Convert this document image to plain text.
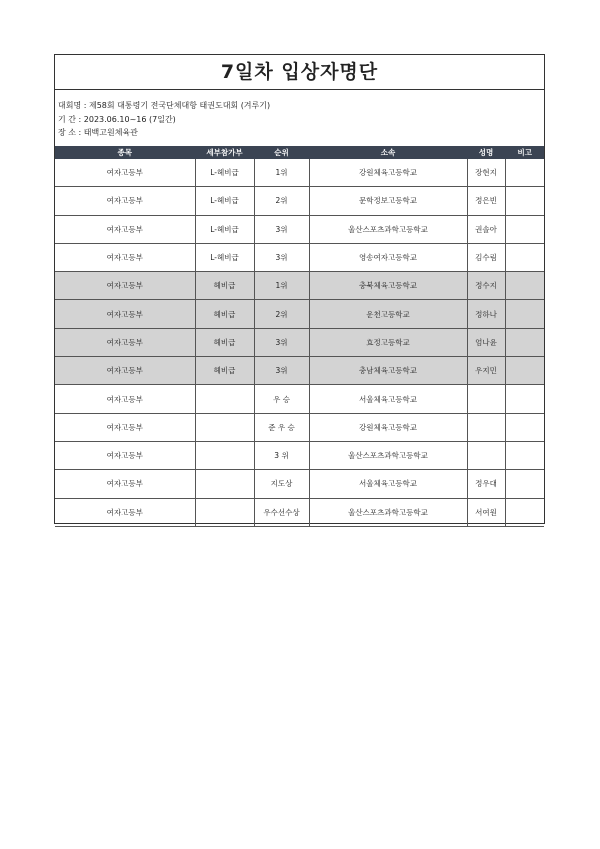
7일차 입상자명단
대회명 : 제58회 대통령기 전국단체대항 태권도대회 (겨루기)
기 간 : 2023.06.10~16 (7일간)
장 소 : 태백고원체육관
종목	세부참가부	순위	소속	성명	비고
여자고등부	L-헤비급	1위	강원체육고등학교	장현지	
여자고등부	L-헤비급	2위	문학정보고등학교	정은빈	
여자고등부	L-헤비급	3위	울산스포츠과학고등학교	권솔아	
여자고등부	L-헤비급	3위	영송여자고등학교	김수림	
여자고등부	헤비급	1위	충북체육고등학교	정수지	
여자고등부	헤비급	2위	운천고등학교	정하나	
여자고등부	헤비급	3위	효정고등학교	엄나윤	
여자고등부	헤비급	3위	충남체육고등학교	우지민	
여자고등부		우 승	서울체육고등학교		
여자고등부		준 우 승	강원체육고등학교		
여자고등부		3 위	울산스포츠과학고등학교		
여자고등부		지도상	서울체육고등학교	정우대	
여자고등부		우수선수상	울산스포츠과학고등학교	서여원	
